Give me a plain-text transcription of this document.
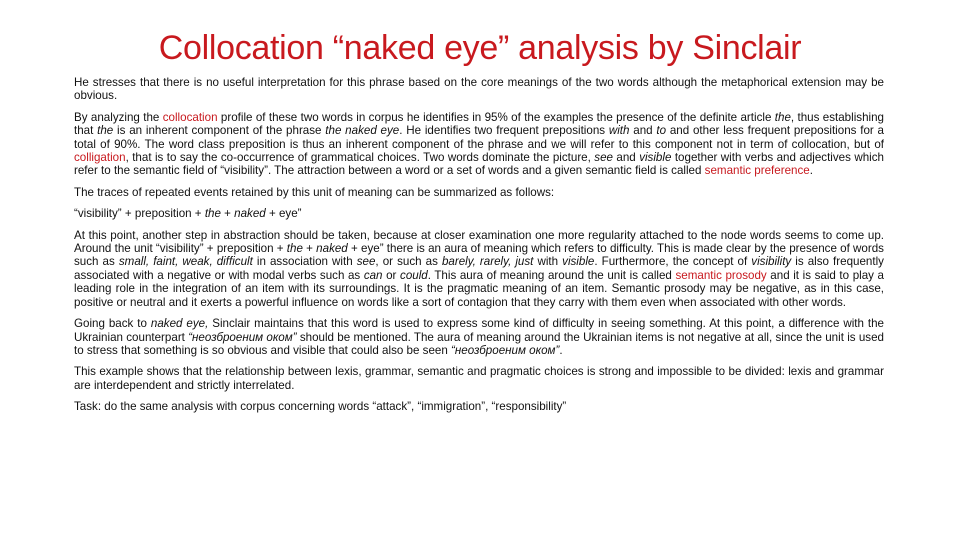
Collocation “naked eye” analysis by Sinclair

He stresses that there is no useful interpretation for this phrase based on the core meanings of the two words although the metaphorical extension may be obvious.

By analyzing the collocation profile of these two words in corpus he identifies in 95% of the examples the presence of the definite article the, thus establishing that the is an inherent component of the phrase the naked eye. He identifies two frequent prepositions with and to and other less frequent prepositions for a total of 90%. The word class preposition is thus an inherent component of the phrase and we will refer to this component not in term of collocation, but of colligation, that is to say the co-occurrence of grammatical choices. Two words dominate the picture, see and visible together with verbs and adjectives which refer to the semantic field of “visibility”. The attraction between a word or a set of words and a given semantic field is called semantic preference.

The traces of repeated events retained by this unit of meaning can be summarized as follows:

“visibility” + preposition + the + naked + eye”

At this point, another step in abstraction should be taken, because at closer examination one more regularity attached to the node words seems to come up. Around the unit “visibility” + preposition + the + naked + eye” there is an aura of meaning which refers to difficulty. This is made clear by the presence of words such as small, faint, weak, difficult in association with see, or such as barely, rarely, just with visible. Furthermore, the concept of visibility is also frequently associated with a negative or with modal verbs such as can or could. This aura of meaning around the unit is called semantic prosody and it is said to play a leading role in the integration of an item with its surroundings. It is the pragmatic meaning of an item. Semantic prosody may be negative, as in this case, positive or neutral and it exerts a powerful influence on words like a sort of contagion that they carry with them even when associated with other words.

Going back to naked eye, Sinclair maintains that this word is used to express some kind of difficulty in seeing something. At this point, a difference with the Ukrainian counterpart “неозброеним оком” should be mentioned. The aura of meaning around the Ukrainian items is not negative at all, since the unit is used to stress that something is so obvious and visible that could also be seen “неозброеним оком”.

This example shows that the relationship between lexis, grammar, semantic and pragmatic choices is strong and impossible to be divided: lexis and grammar are interdependent and strictly interrelated.

Task: do the same analysis with corpus concerning words “attack”, “immigration”, “responsibility”
